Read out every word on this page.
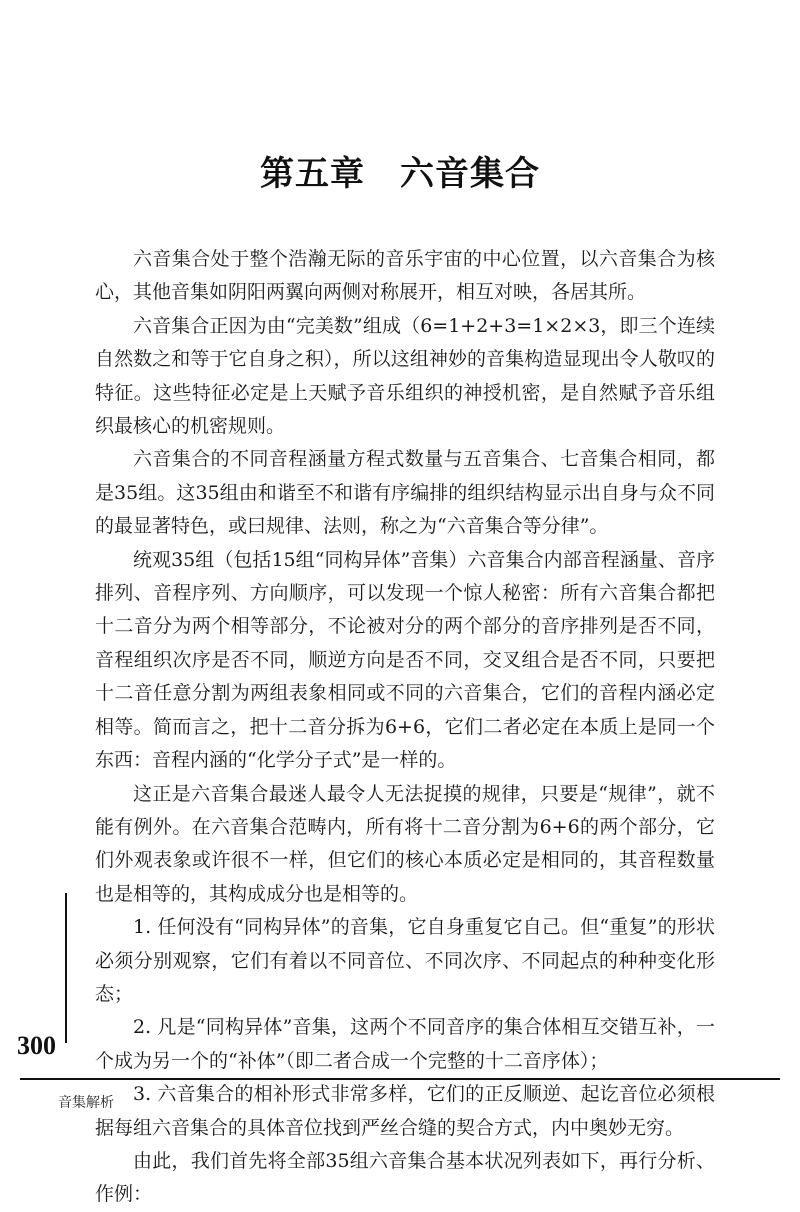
第五章　六音集合

六音集合处于整个浩瀚无际的音乐宇宙的中心位置，以六音集合为核心，其他音集如阴阳两翼向两侧对称展开，相互对映，各居其所。

六音集合正因为由“完美数”组成（6=1+2+3=1×2×3，即三个连续自然数之和等于它自身之积），所以这组神妙的音集构造显现出令人敬叹的特征。这些特征必定是上天赋予音乐组织的神授机密，是自然赋予音乐组织最核心的机密规则。

六音集合的不同音程涵量方程式数量与五音集合、七音集合相同，都是35组。这35组由和谐至不和谐有序编排的组织结构显示出自身与众不同的最显著特色，或曰规律、法则，称之为“六音集合等分律”。

统观35组（包括15组“同构异体”音集）六音集合内部音程涵量、音序排列、音程序列、方向顺序，可以发现一个惊人秘密：所有六音集合都把十二音分为两个相等部分，不论被对分的两个部分的音序排列是否不同，音程组织次序是否不同，顺逆方向是否不同，交叉组合是否不同，只要把十二音任意分割为两组表象相同或不同的六音集合，它们的音程内涵必定相等。简而言之，把十二音分拆为6+6，它们二者必定在本质上是同一个东西：音程内涵的“化学分子式”是一样的。

这正是六音集合最迷人最令人无法捉摸的规律，只要是“规律”，就不能有例外。在六音集合范畴内，所有将十二音分割为6+6的两个部分，它们外观表象或许很不一样，但它们的核心本质必定是相同的，其音程数量也是相等的，其构成成分也是相等的。

1. 任何没有“同构异体”的音集，它自身重复它自己。但“重复”的形状必须分别观察，它们有着以不同音位、不同次序、不同起点的种种变化形态；

2. 凡是“同构异体”音集，这两个不同音序的集合体相互交错互补，一个成为另一个的“补体”（即二者合成一个完整的十二音序体）；

3. 六音集合的相补形式非常多样，它们的正反顺逆、起讫音位必须根据每组六音集合的具体音位找到严丝合缝的契合方式，内中奥妙无穷。

由此，我们首先将全部35组六音集合基本状况列表如下，再行分析、作例：

300
音集解析
